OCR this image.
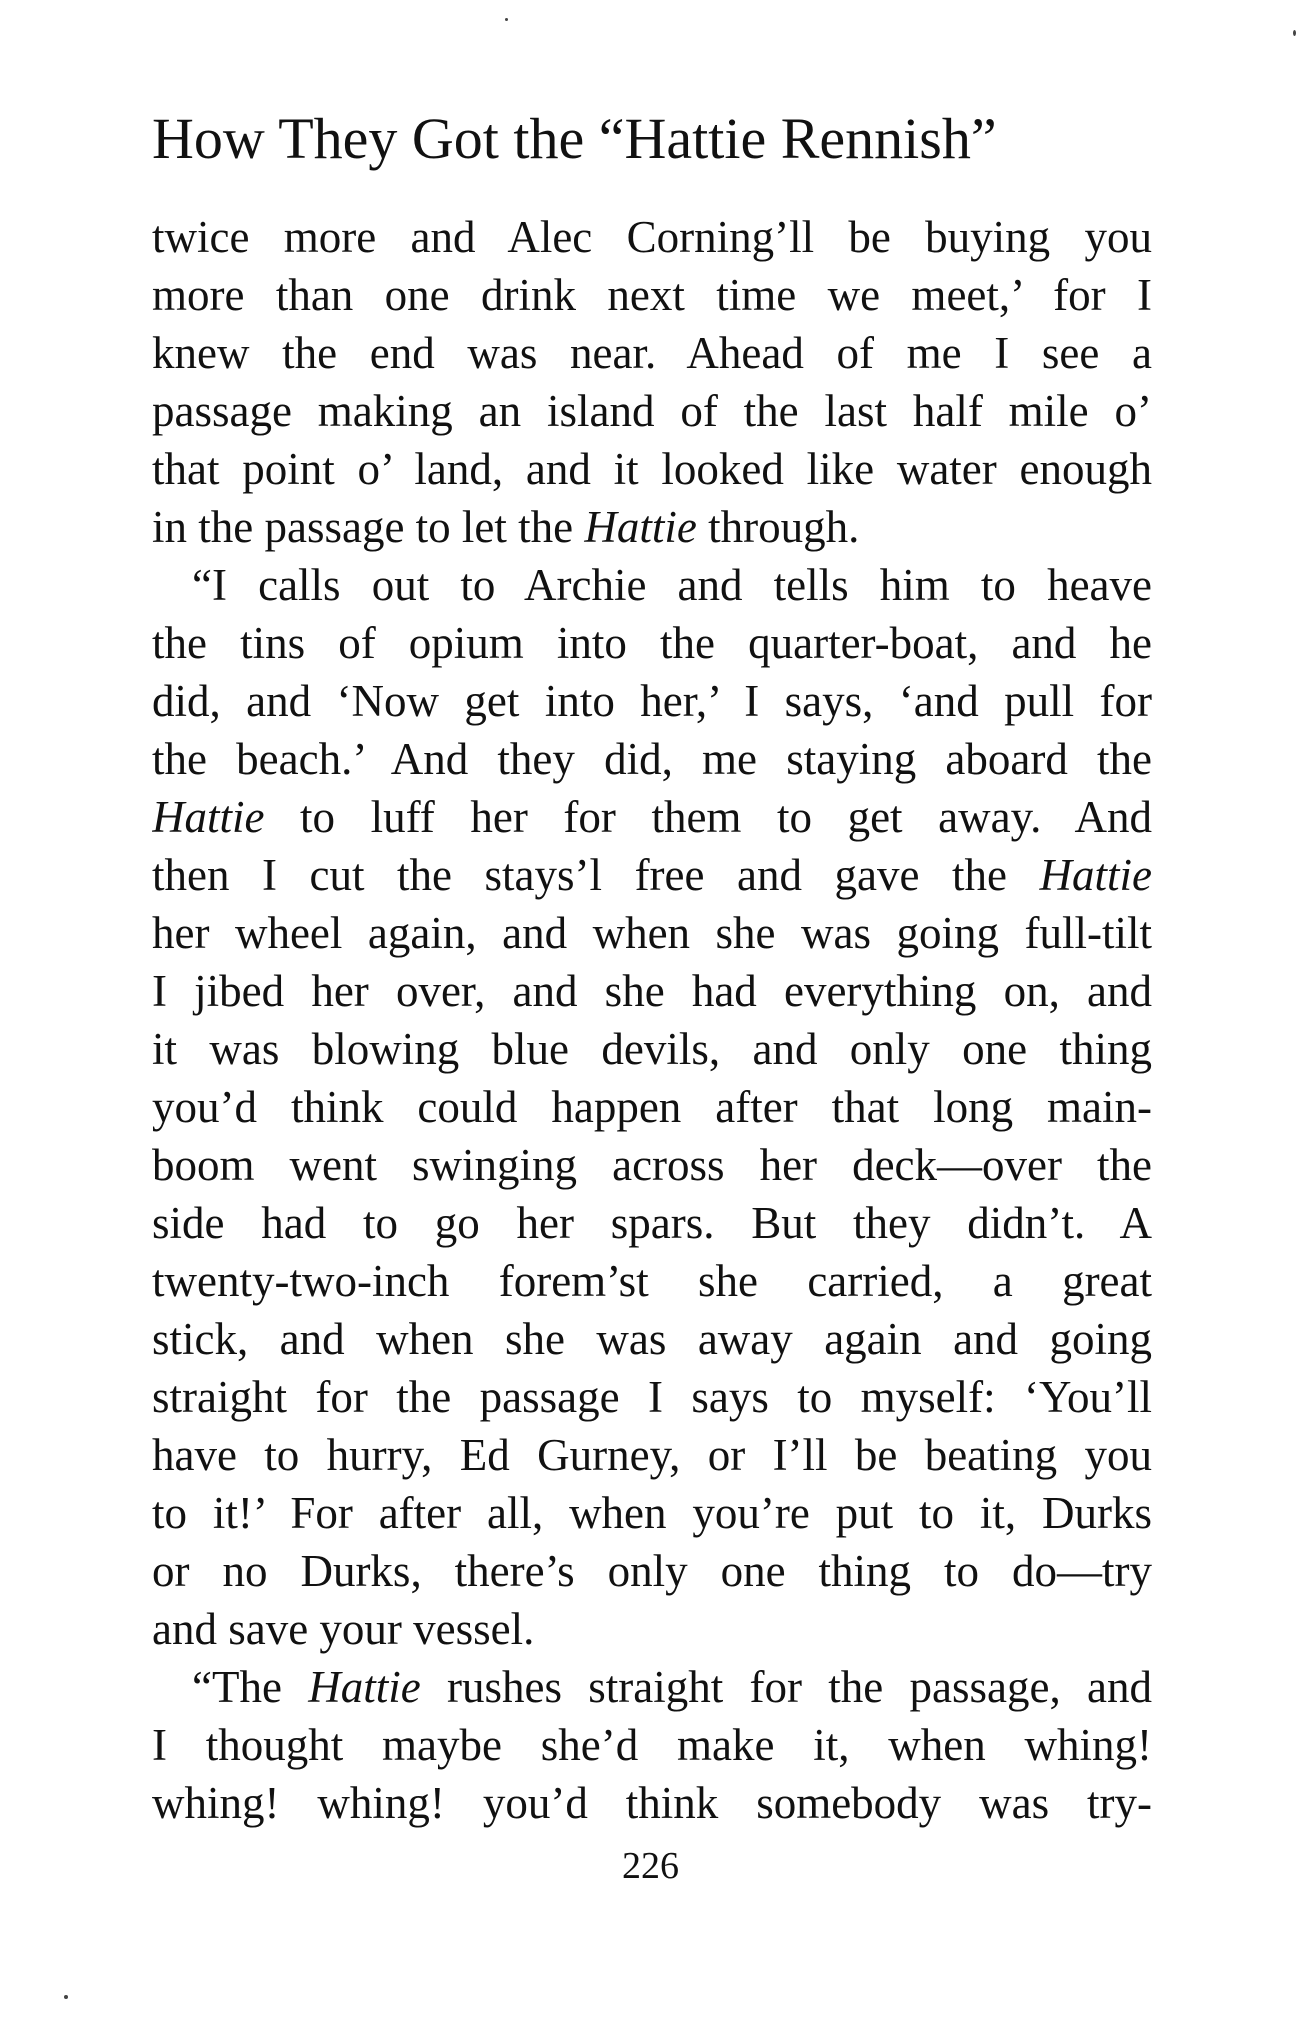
How They Got the “Hattie Rennish”
twice more and Alec Corning’ll be buying you
more than one drink next time we meet,’ for I
knew the end was near. Ahead of me I see a
passage making an island of the last half mile o’
that point o’ land, and it looked like water enough
in the passage to let the Hattie through.
“I calls out to Archie and tells him to heave
the tins of opium into the quarter-boat, and he
did, and ‘Now get into her,’ I says, ‘and pull for
the beach.’ And they did, me staying aboard the
Hattie to luff her for them to get away. And
then I cut the stays’l free and gave the Hattie
her wheel again, and when she was going full-tilt
I jibed her over, and she had everything on, and
it was blowing blue devils, and only one thing
you’d think could happen after that long main-
boom went swinging across her deck—over the
side had to go her spars. But they didn’t. A
twenty-two-inch forem’st she carried, a great
stick, and when she was away again and going
straight for the passage I says to myself: ‘You’ll
have to hurry, Ed Gurney, or I’ll be beating you
to it!’ For after all, when you’re put to it, Durks
or no Durks, there’s only one thing to do—try
and save your vessel.
“The Hattie rushes straight for the passage, and
I thought maybe she’d make it, when whing!
whing! whing! you’d think somebody was try-
226
